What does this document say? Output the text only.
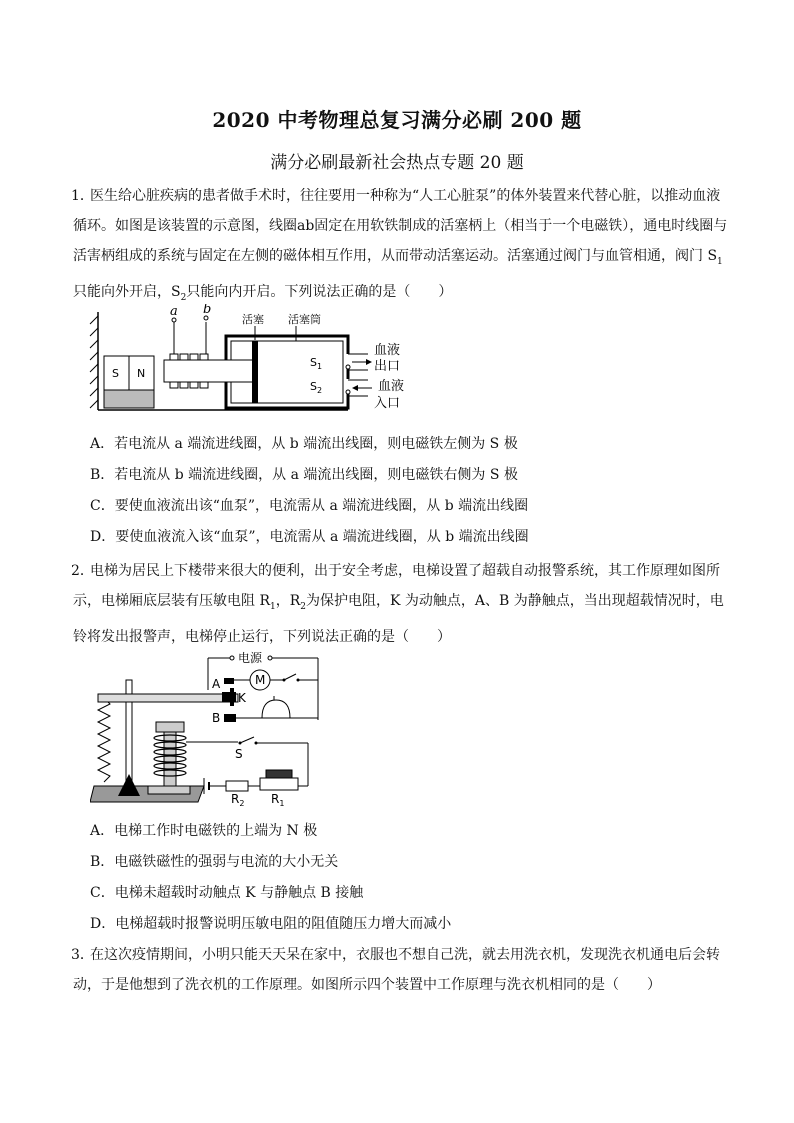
2020 中考物理总复习满分必刷 200 题
满分必刷最新社会热点专题 20 题
1．
医生给心脏疾病的患者做手术时，往往要用一种称为“人工心脏泵”的体外装置来代替心脏，以推动血液循环。如图是该装置的示意图，线圈ab固定在用软铁制成的活塞柄上（相当于一个电磁铁），通电时线圈与活害柄组成的系统与固定在左侧的磁体相互作用，从而带动活塞运动。活塞通过阀门与血管相通，阀门 $S_1$只能向外开启，$S_2$只能向内开启。下列说法正确的是（　　）
S N
a b
活塞 活塞筒
$S_1$
$S_2$
血液
出口
血液
入口
A．若电流从 a 端流进线圈，从 b 端流出线圈，则电磁铁左侧为 S 极
B．若电流从 b 端流进线圈，从 a 端流出线圈，则电磁铁右侧为 S 极
C．要使血液流出该“血泵”，电流需从 a 端流进线圈，从 b 端流出线圈
D．要使血液流入该“血泵”，电流需从 a 端流进线圈，从 b 端流出线圈
2．
电梯为居民上下楼带来很大的便利，出于安全考虑，电梯设置了超载自动报警系统，其工作原理如图所示，电梯厢底层装有压敏电阻 $R_1$，$R_2$为保护电阻，K 为动触点，A、B 为静触点，当出现超载情况时，电铃将发出报警声，电梯停止运行，下列说法正确的是（　　）
电源
A	M
K
B
S
$R_2$ $R_1$
A．电梯工作时电磁铁的上端为 N 极
B．电磁铁磁性的强弱与电流的大小无关
C．电梯未超载时动触点 K 与静触点 B 接触
D．电梯超载时报警说明压敏电阻的阻值随压力增大而减小
3．
在这次疫情期间，小明只能天天呆在家中，衣服也不想自己洗，就去用洗衣机，发现洗衣机通电后会转动，于是他想到了洗衣机的工作原理。如图所示四个装置中工作原理与洗衣机相同的是（　　）
